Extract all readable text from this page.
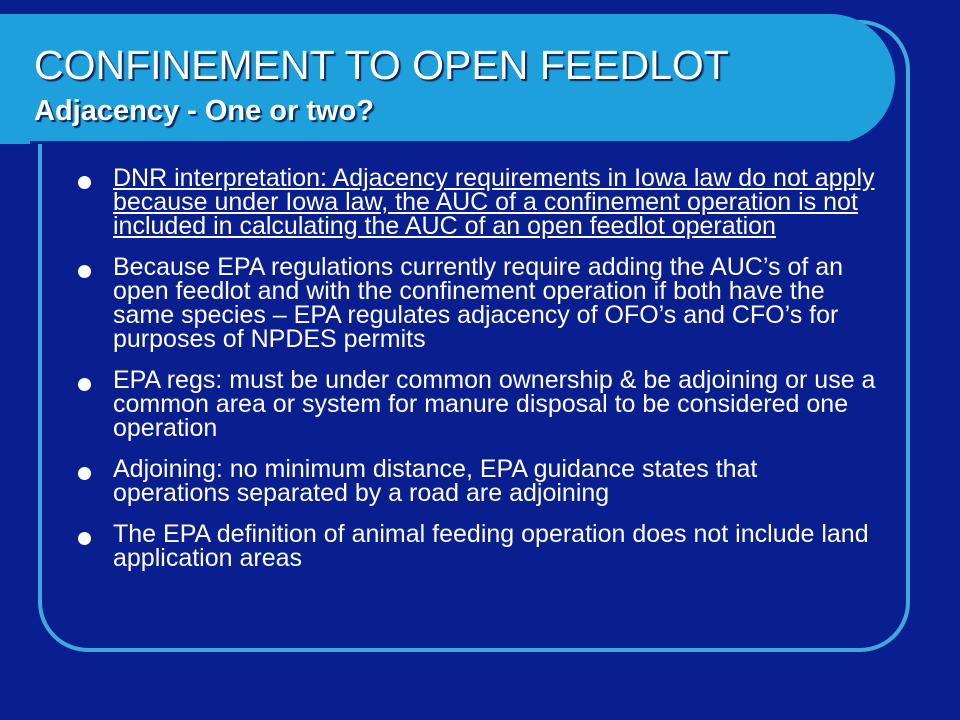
CONFINEMENT TO OPEN FEEDLOT
Adjacency - One or two?
DNR interpretation: Adjacency requirements in Iowa law do not apply because under Iowa law, the AUC of a confinement operation is not included in calculating the AUC of an open feedlot operation
Because EPA regulations currently require adding the AUC’s of an open feedlot and with the confinement operation if both have the same species – EPA regulates adjacency of OFO’s and CFO’s for purposes of NPDES permits
EPA regs: must be under common ownership & be adjoining or use a common area or system for manure disposal to be considered one operation
Adjoining: no minimum distance, EPA guidance states that operations separated by a road are adjoining
The EPA definition of animal feeding operation does not include land application areas
